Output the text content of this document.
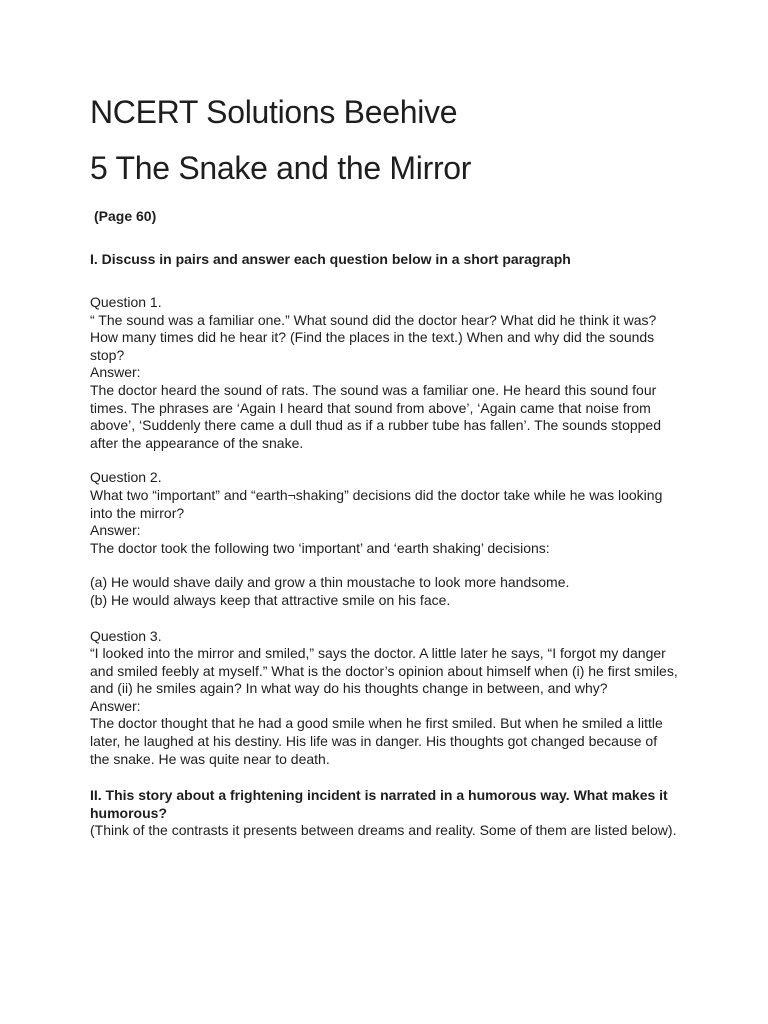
NCERT Solutions Beehive
5 The Snake and the Mirror
(Page 60)
I. Discuss in pairs and answer each question below in a short paragraph

Question 1.

“ The sound was a familiar one.” What sound did the doctor hear? What did he think it was? How many times did he hear it? (Find the places in the text.) When and why did the sounds stop?

Answer:

The doctor heard the sound of rats. The sound was a familiar one. He heard this sound four times. The phrases are ‘Again I heard that sound from above’, ‘Again came that noise from above’, ‘Suddenly there came a dull thud as if a rubber tube has fallen’. The sounds stopped after the appearance of the snake.

Question 2.

What two “important” and “earth¬shaking” decisions did the doctor take while he was looking into the mirror?

Answer:

The doctor took the following two ‘important’ and ‘earth shaking’ decisions:

(a) He would shave daily and grow a thin moustache to look more handsome.

(b) He would always keep that attractive smile on his face.

Question 3.

“I looked into the mirror and smiled,” says the doctor. A little later he says, “I forgot my danger and smiled feebly at myself.” What is the doctor’s opinion about himself when (i) he first smiles, and (ii) he smiles again? In what way do his thoughts change in between, and why?

Answer:

The doctor thought that he had a good smile when he first smiled. But when he smiled a little later, he laughed at his destiny. His life was in danger. His thoughts got changed because of the snake. He was quite near to death.

II. This story about a frightening incident is narrated in a humorous way. What makes it humorous?

(Think of the contrasts it presents between dreams and reality. Some of them are listed below).
